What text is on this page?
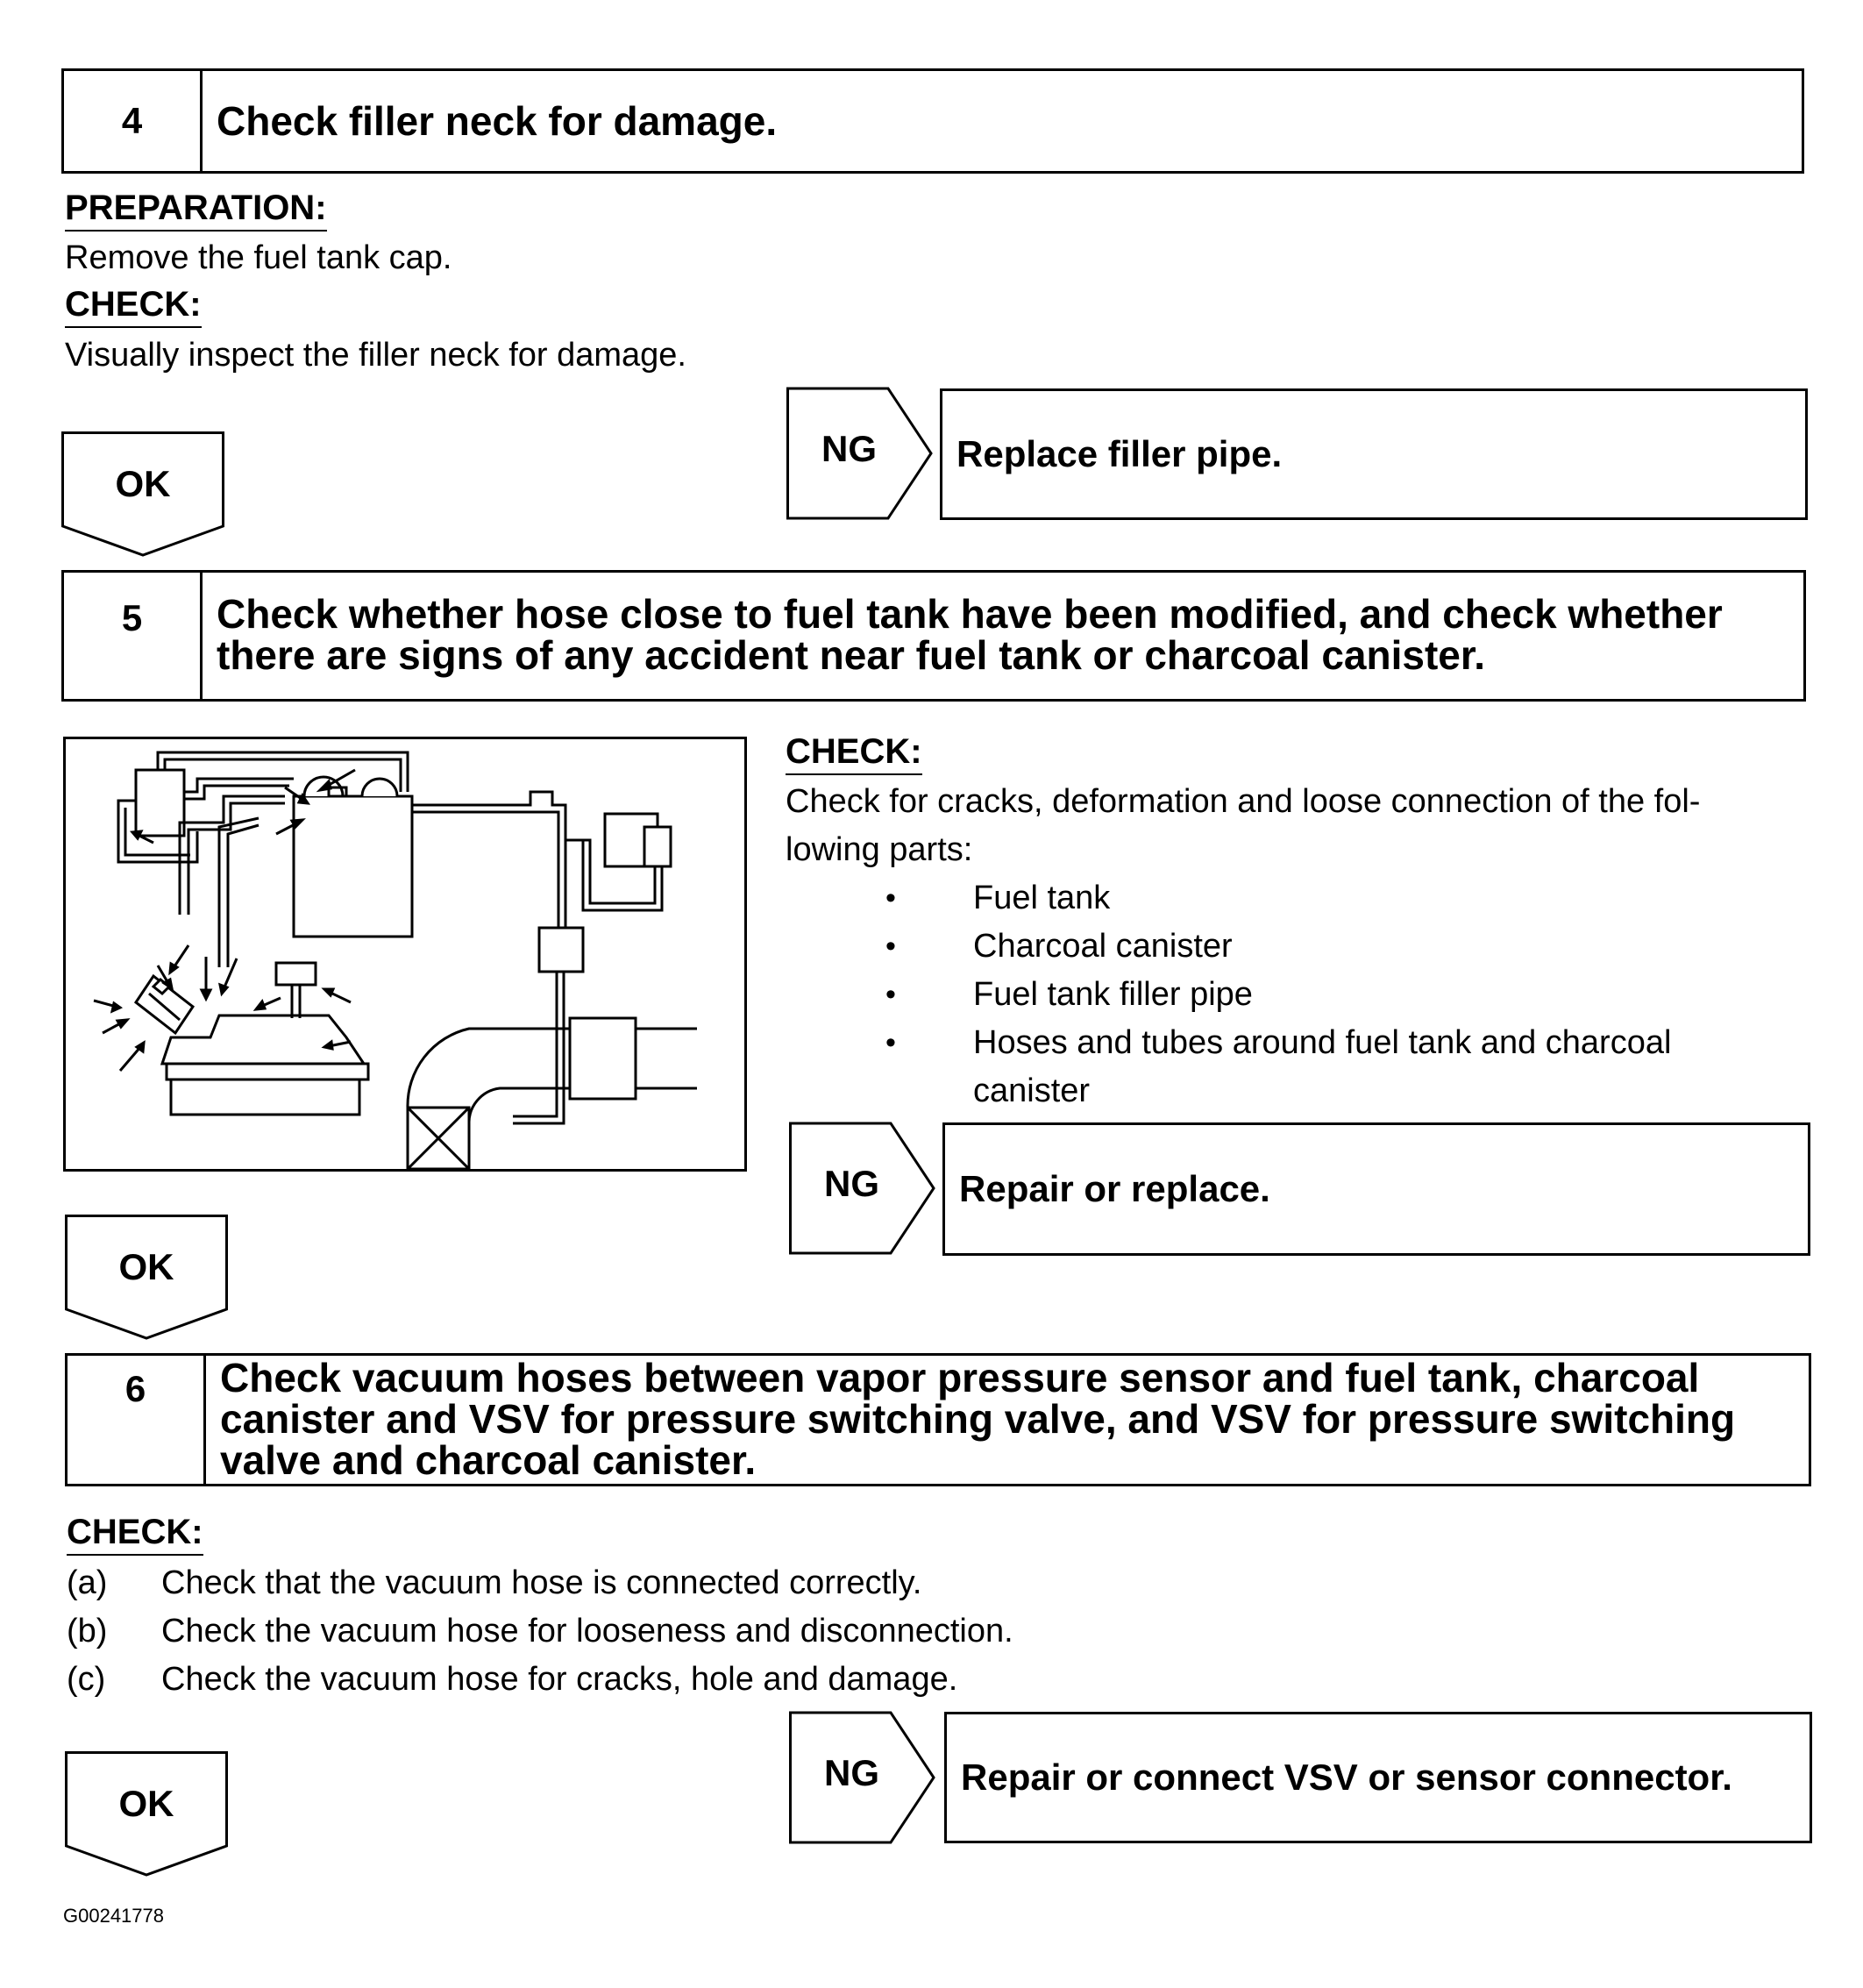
4	Check filler neck for damage.
PREPARATION:
Remove the fuel tank cap.
CHECK:
Visually inspect the filler neck for damage.
OK
NG	Replace filler pipe.
5	Check whether hose close to fuel tank have been modified, and check whether
there are signs of any accident near fuel tank or charcoal canister.
CHECK:
Check for cracks, deformation and loose connection of the fol-
lowing parts:
• Fuel tank
• Charcoal canister
• Fuel tank filler pipe
• Hoses and tubes around fuel tank and charcoal
canister
NG	Repair or replace.
OK
6	Check vacuum hoses between vapor pressure sensor and fuel tank, charcoal
canister and VSV for pressure switching valve, and VSV for pressure switching
valve and charcoal canister.
CHECK:
(a) Check that the vacuum hose is connected correctly.
(b) Check the vacuum hose for looseness and disconnection.
(c) Check the vacuum hose for cracks, hole and damage.
NG	Repair or connect VSV or sensor connector.
OK
G00241778
